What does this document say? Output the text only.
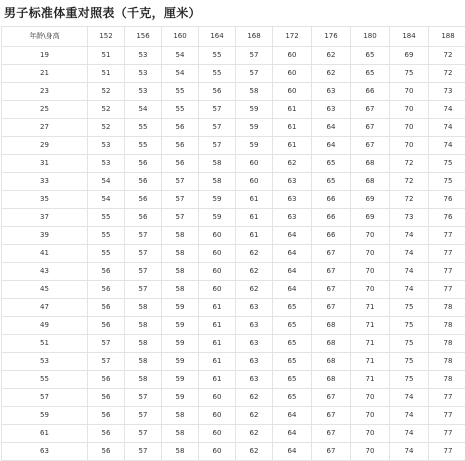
男子标准体重对照表（千克，厘米）
年龄\身高	152	156	160	164	168	172	176	180	184	188
19	51	53	54	55	57	60	62	65	69	72
21	51	53	54	55	57	60	62	65	75	72
23	52	53	55	56	58	60	63	66	70	73
25	52	54	55	57	59	61	63	67	70	74
27	52	55	56	57	59	61	64	67	70	74
29	53	55	56	57	59	61	64	67	70	74
31	53	56	56	58	60	62	65	68	72	75
33	54	56	57	58	60	63	65	68	72	75
35	54	56	57	59	61	63	66	69	72	76
37	55	56	57	59	61	63	66	69	73	76
39	55	57	58	60	61	64	66	70	74	77
41	55	57	58	60	62	64	67	70	74	77
43	56	57	58	60	62	64	67	70	74	77
45	56	57	58	60	62	64	67	70	74	77
47	56	58	59	61	63	65	67	71	75	78
49	56	58	59	61	63	65	68	71	75	78
51	57	58	59	61	63	65	68	71	75	78
53	57	58	59	61	63	65	68	71	75	78
55	56	58	59	61	63	65	68	71	75	78
57	56	57	59	60	62	65	67	70	74	77
59	56	57	58	60	62	64	67	70	74	77
61	56	57	58	60	62	64	67	70	74	77
63	56	57	58	60	62	64	67	70	74	77
